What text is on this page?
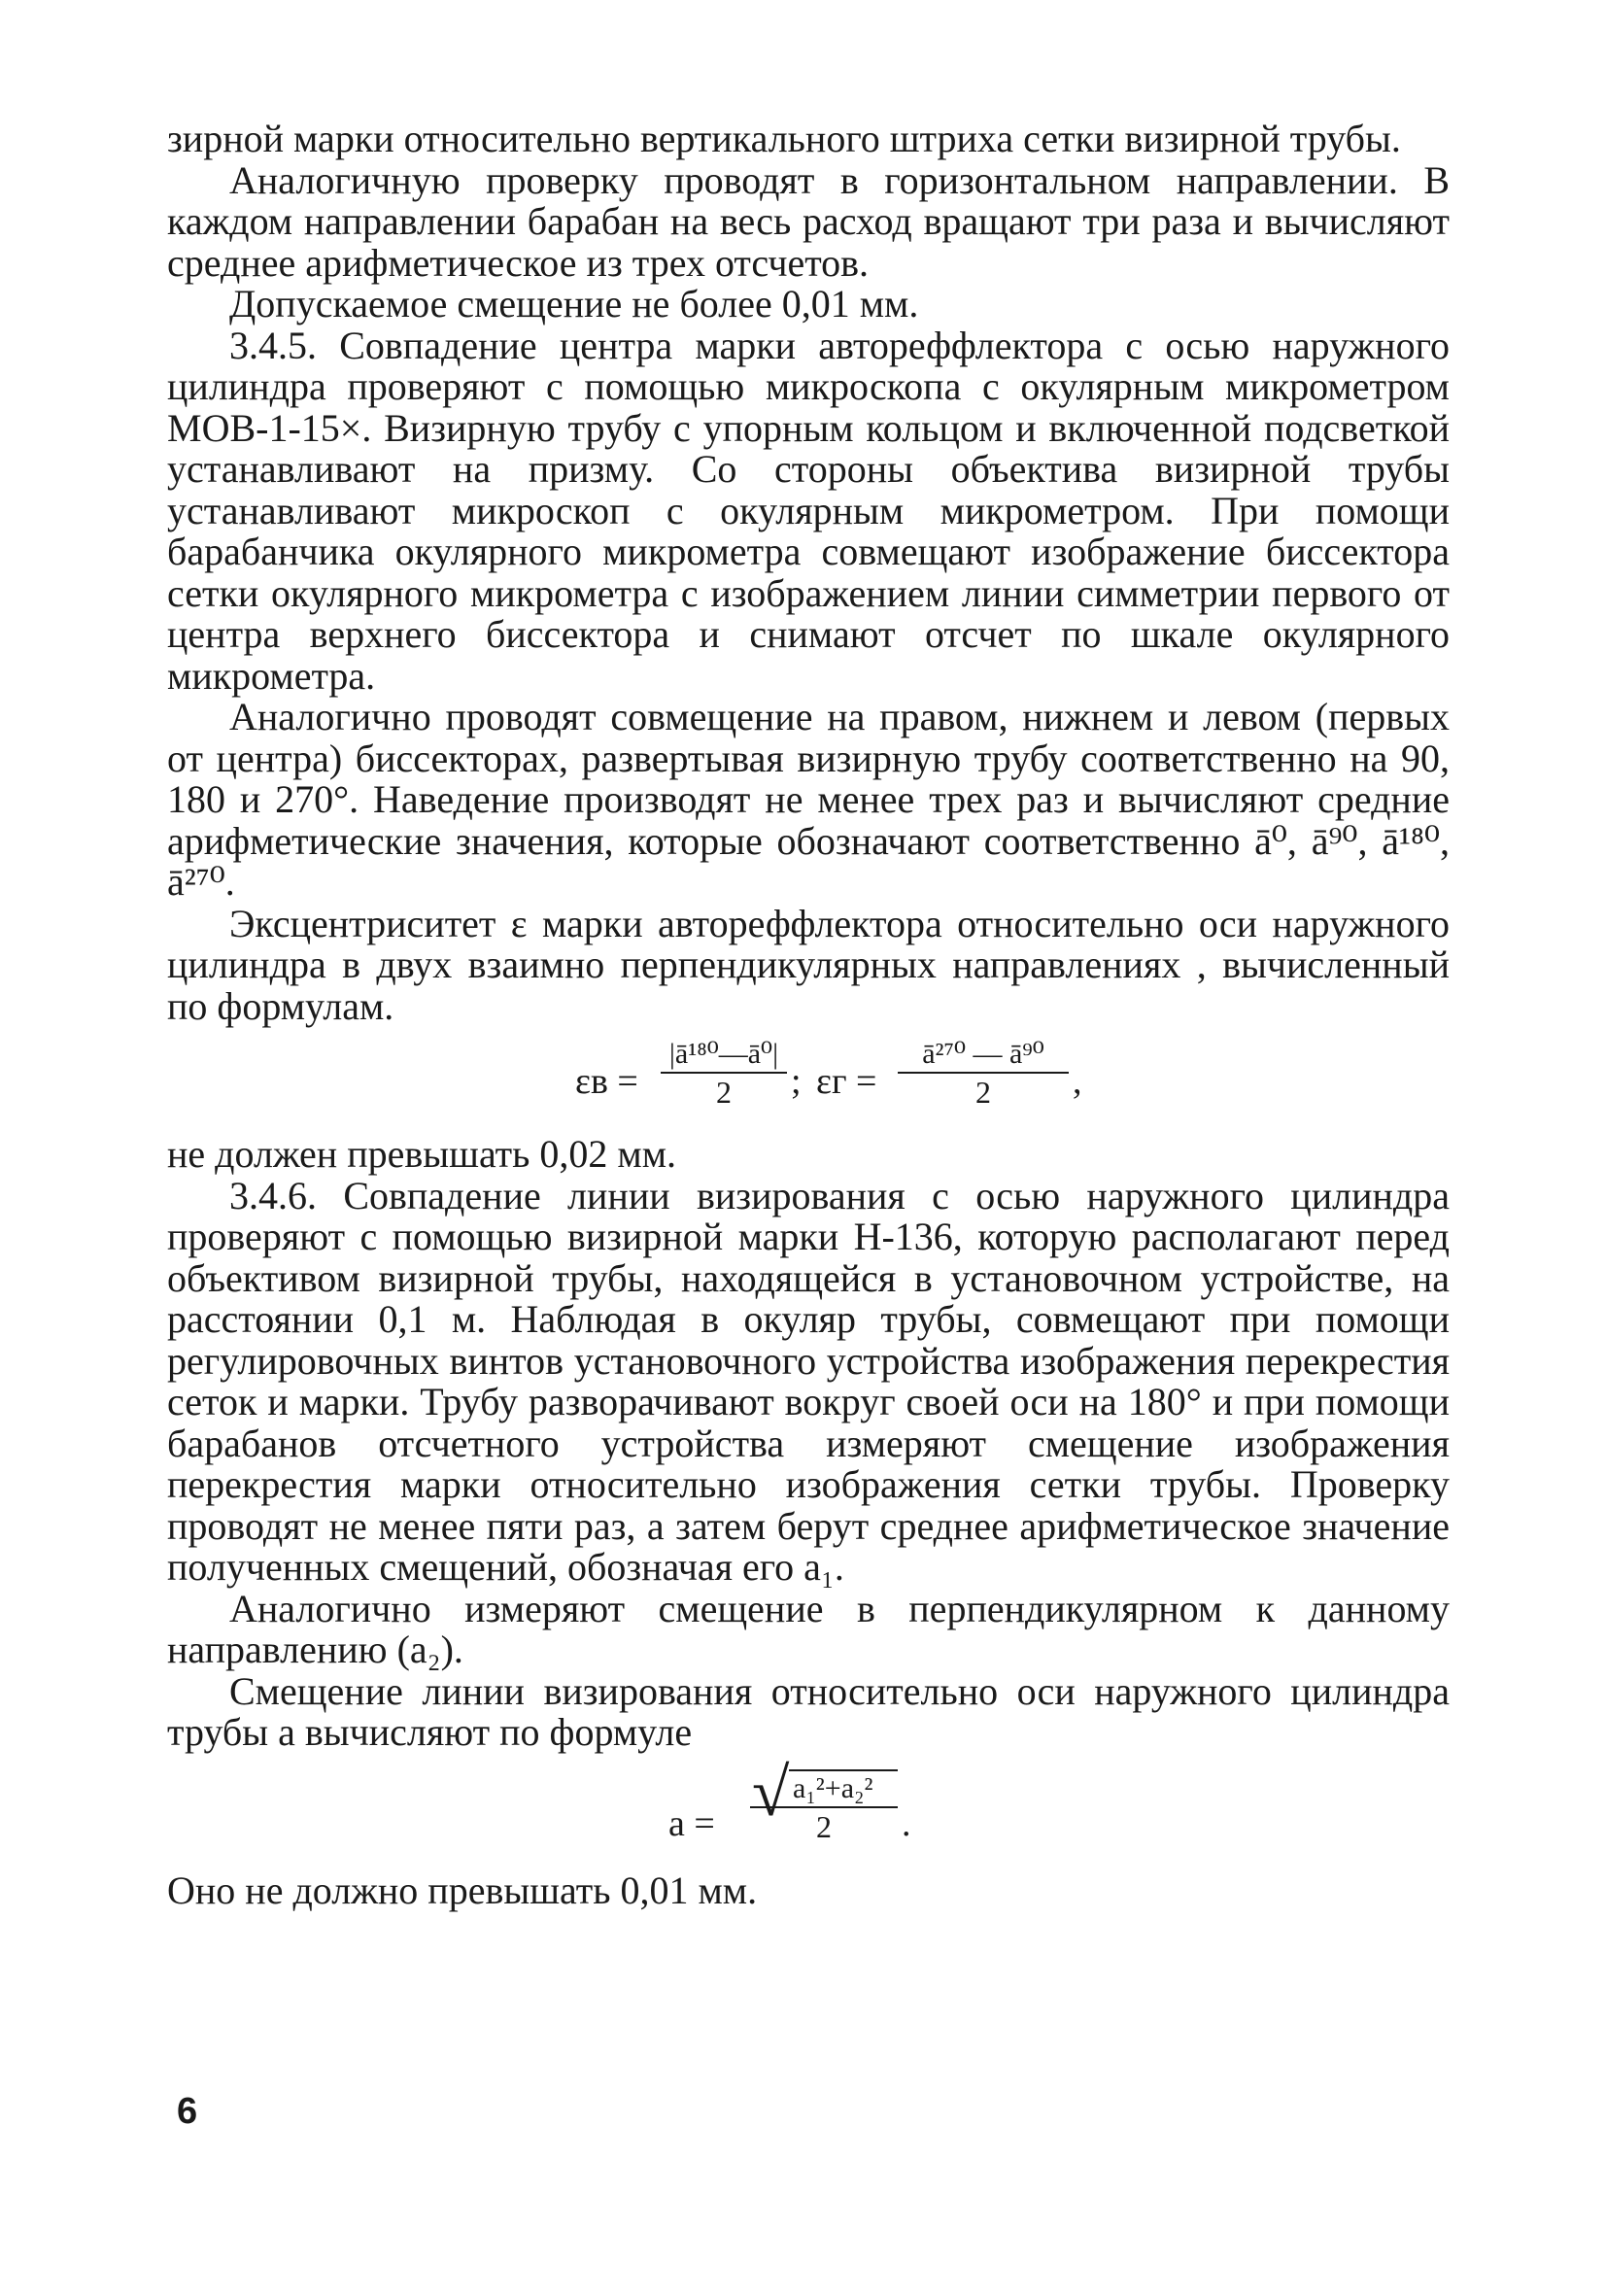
зирной марки относительно вертикального штриха сетки визирной трубы.

Аналогичную проверку проводят в горизонтальном направлении. В каждом направлении барабан на весь расход вращают три раза и вычисляют среднее арифметическое из трех отсчетов.

Допускаемое смещение не более 0,01 мм.

3.4.5. Совпадение центра марки автореффлектора с осью наружного цилиндра проверяют с помощью микроскопа с окулярным микрометром МОВ-1-15×. Визирную трубу с упорным кольцом и включенной подсветкой устанавливают на призму. Со стороны объектива визирной трубы устанавливают микроскоп с окулярным микрометром. При помощи барабанчика окулярного микрометра совмещают изображение биссектора сетки окулярного микрометра с изображением линии симметрии первого от центра верхнего биссектора и снимают отсчет по шкале окулярного микрометра.

Аналогично проводят совмещение на правом, нижнем и левом (первых от центра) биссекторах, развертывая визирную трубу соответственно на 90, 180 и 270°. Наведение производят не менее трех раз и вычисляют средние арифметические значения, которые обозначают соответственно ā⁰, ā⁹⁰, ā¹⁸⁰, ā²⁷⁰.

Эксцентриситет ε марки автореффлектора относительно оси наружного цилиндра в двух взаимно перпендикулярных направлениях , вычисленный по формулам.

$\varepsilon в = \frac{\text{|ā¹⁸⁰—ā⁰|}}{2}$ ; $\varepsilon г = \frac{\text{ā²⁷⁰ — ā⁹⁰}}{2}$ ,

не должен превышать 0,02 мм.

3.4.6. Совпадение линии визирования с осью наружного цилиндра проверяют с помощью визирной марки Н-136, которую располагают перед объективом визирной трубы, находящейся в установочном устройстве, на расстоянии 0,1 м. Наблюдая в окуляр трубы, совмещают при помощи регулировочных винтов установочного устройства изображения перекрестия сеток и марки. Трубу разворачивают вокруг своей оси на 180° и при помощи барабанов отсчетного устройства измеряют смещение изображения перекрестия марки относительно изображения сетки трубы. Проверку проводят не менее пяти раз, а затем берут среднее арифметическое значение полученных смещений, обозначая его a₁.

Аналогично измеряют смещение в перпендикулярном к данному направлению (a₂).

Смещение линии визирования относительно оси наружного цилиндра трубы a вычисляют по формуле

a = √
$\frac{\text{a₁²+a₂²}}{2}$ .

Оно не должно превышать 0,01 мм.

6
